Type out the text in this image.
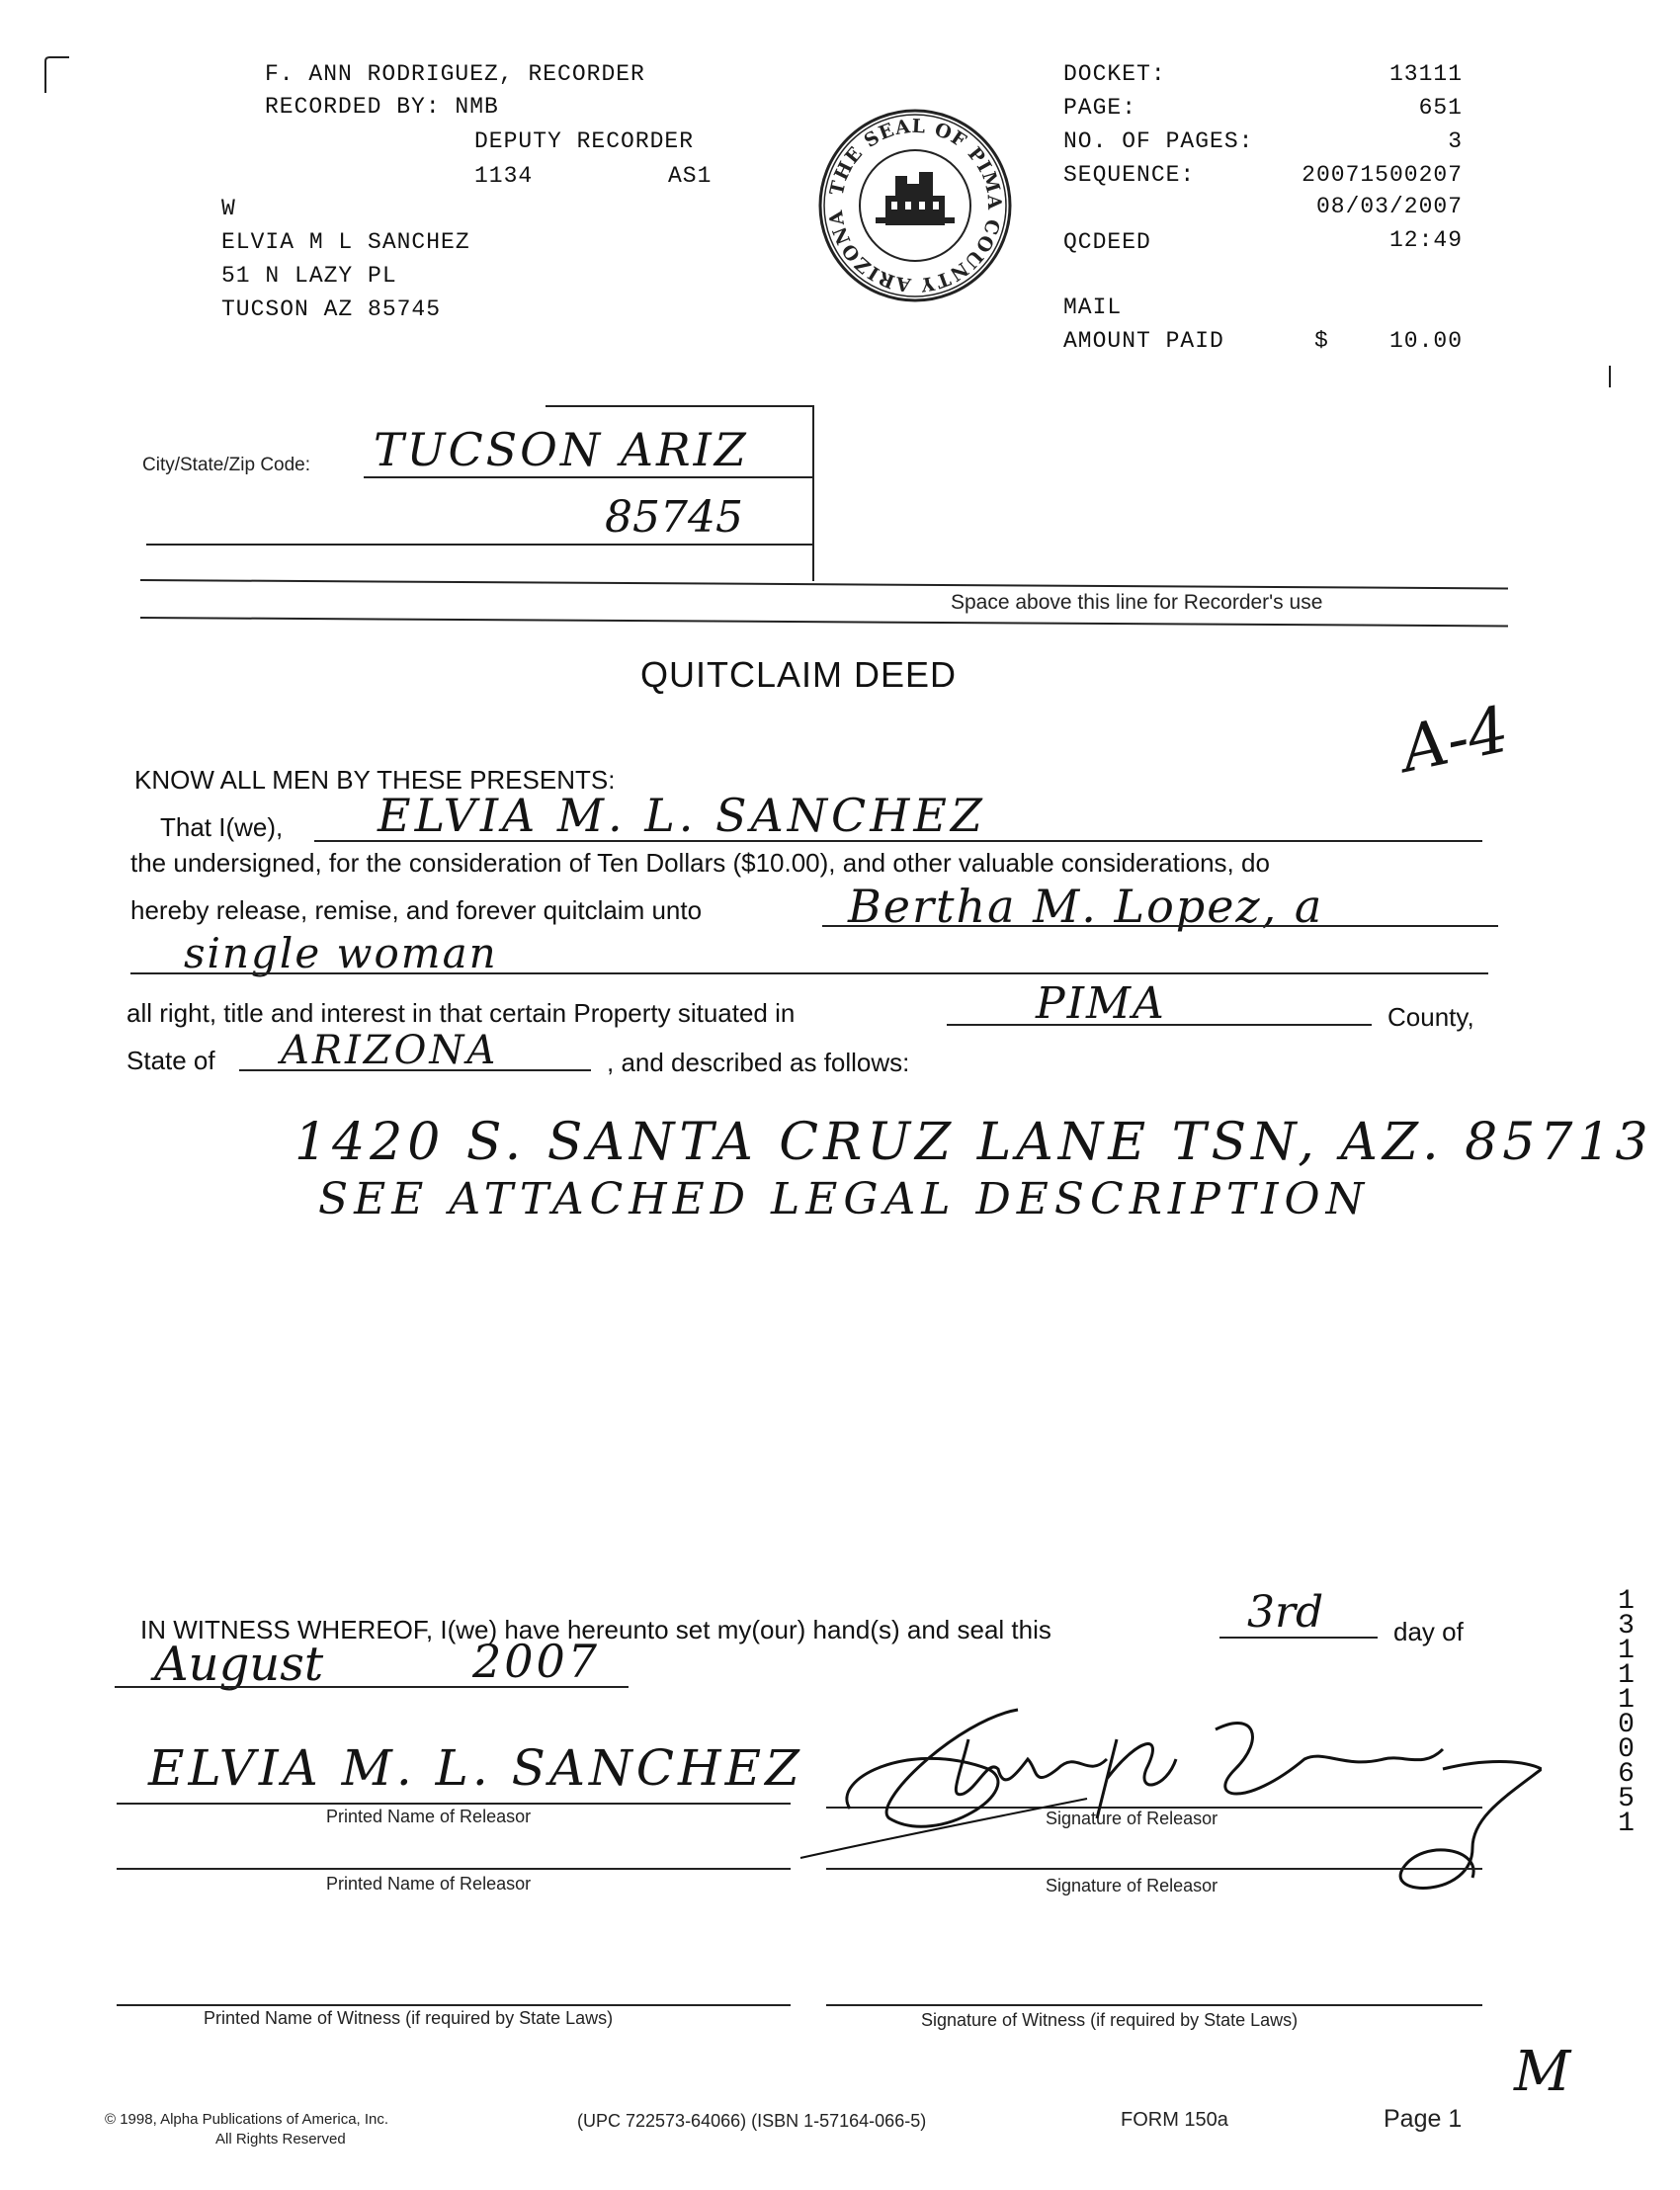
F. ANN RODRIGUEZ, RECORDER
RECORDED BY: NMB
DEPUTY RECORDER
1134	AS1
W
ELVIA M L SANCHEZ
51 N LAZY PL
TUCSON AZ 85745
THE SEAL OF PIMA COUNTY ARIZONA
DOCKET:	13111
PAGE:	651
NO. OF PAGES:	3
SEQUENCE:	20071500207
08/03/2007
QCDEED	12:49
MAIL
AMOUNT PAID	$	10.00
City/State/Zip Code: TUCSON ARIZ
85745
Space above this line for Recorder's use
QUITCLAIM DEED
A-4
KNOW ALL MEN BY THESE PRESENTS:
That I(we), ELVIA M. L. SANCHEZ
the undersigned, for the consideration of Ten Dollars ($10.00), and other valuable considerations, do
hereby release, remise, and forever quitclaim unto	Bertha M. Lopez, a
single woman
all right, title and interest in that certain Property situated in	PIMA	County,
State of ARIZONA	, and described as follows:
1420 S. SANTA CRUZ LANE TSN, AZ. 85713
SEE ATTACHED LEGAL DESCRIPTION
IN WITNESS WHEREOF, I(we) have hereunto set my(our) hand(s) and seal this	3rd	day of
August	2007
ELVIA M. L. SANCHEZ
Printed Name of Releasor	Signature of Releasor
Printed Name of Releasor	Signature of Releasor
Printed Name of Witness (if required by State Laws)	Signature of Witness (if required by State Laws)
13111 00651
M
© 1998, Alpha Publications of America, Inc.
All Rights Reserved
(UPC 722573-64066) (ISBN 1-57164-066-5)	FORM 150a	Page 1
